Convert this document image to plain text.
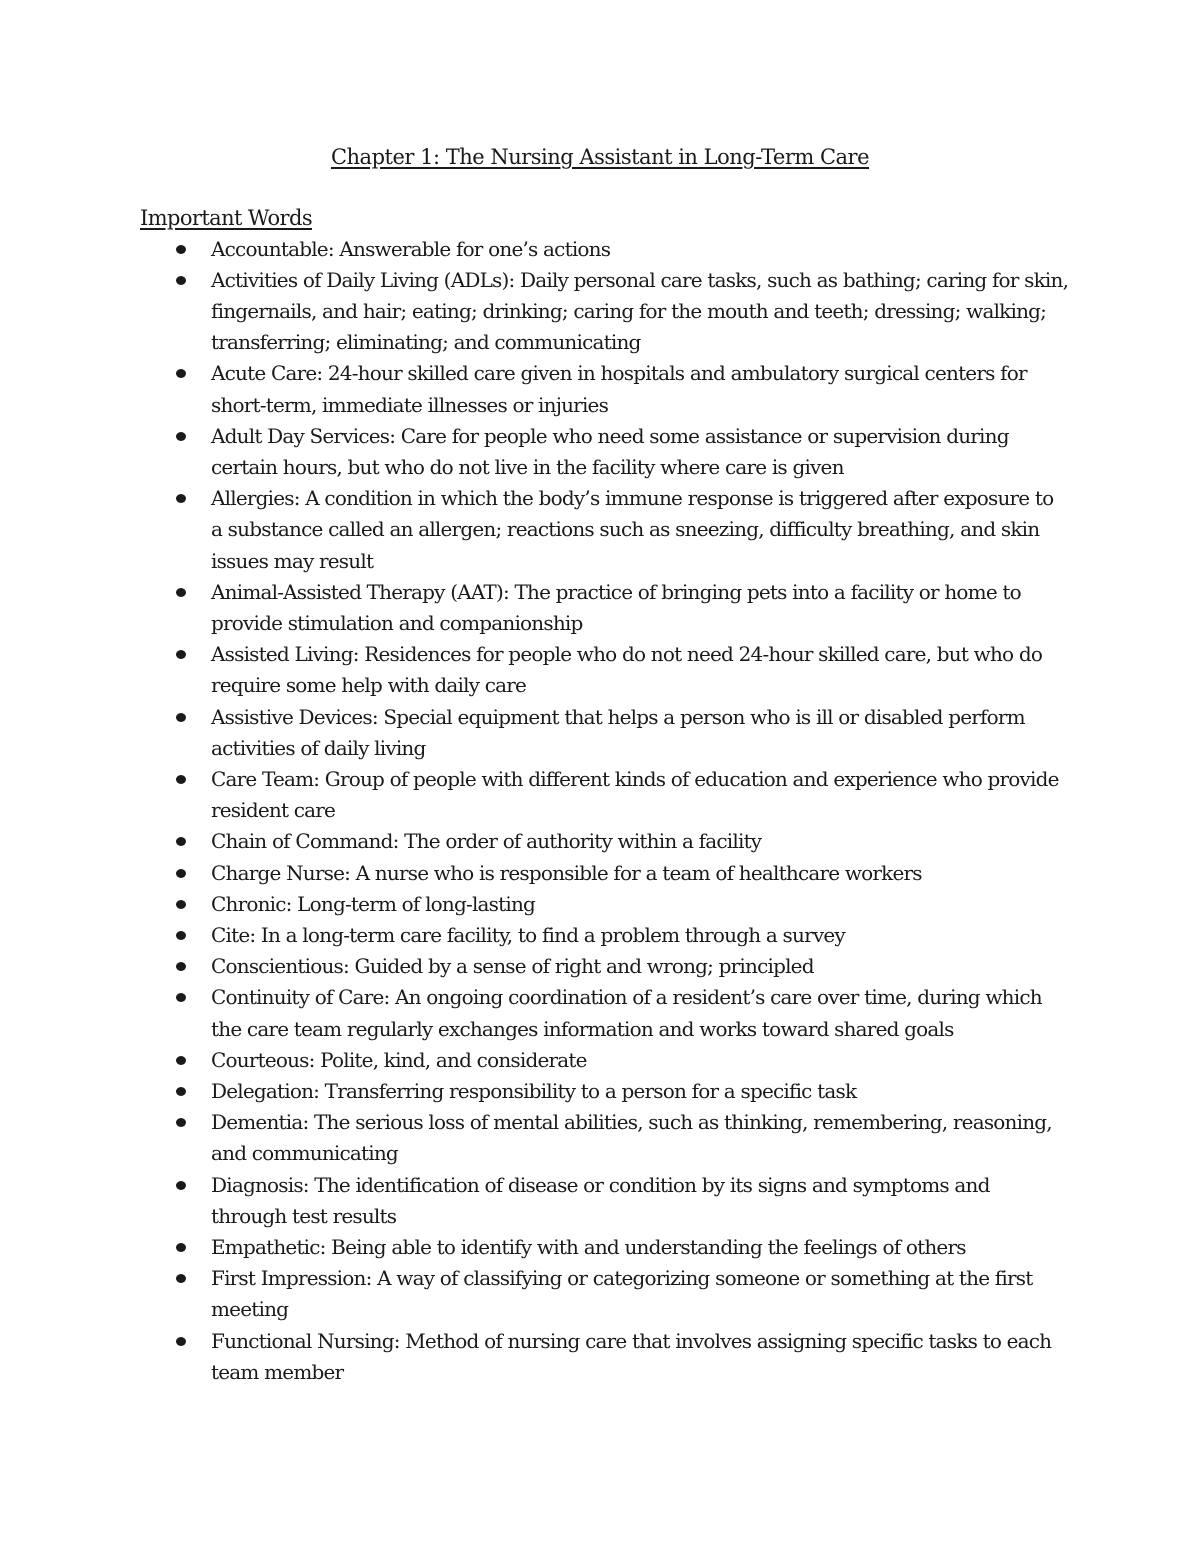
Chapter 1: The Nursing Assistant in Long-Term Care
Important Words
Accountable: Answerable for one’s actions
Activities of Daily Living (ADLs): Daily personal care tasks, such as bathing; caring for skin, fingernails, and hair; eating; drinking; caring for the mouth and teeth; dressing; walking; transferring; eliminating; and communicating
Acute Care: 24-hour skilled care given in hospitals and ambulatory surgical centers for short-term, immediate illnesses or injuries
Adult Day Services: Care for people who need some assistance or supervision during certain hours, but who do not live in the facility where care is given
Allergies: A condition in which the body’s immune response is triggered after exposure to a substance called an allergen; reactions such as sneezing, difficulty breathing, and skin issues may result
Animal-Assisted Therapy (AAT): The practice of bringing pets into a facility or home to provide stimulation and companionship
Assisted Living: Residences for people who do not need 24-hour skilled care, but who do require some help with daily care
Assistive Devices: Special equipment that helps a person who is ill or disabled perform activities of daily living
Care Team: Group of people with different kinds of education and experience who provide resident care
Chain of Command: The order of authority within a facility
Charge Nurse: A nurse who is responsible for a team of healthcare workers
Chronic: Long-term of long-lasting
Cite: In a long-term care facility, to find a problem through a survey
Conscientious: Guided by a sense of right and wrong; principled
Continuity of Care: An ongoing coordination of a resident’s care over time, during which the care team regularly exchanges information and works toward shared goals
Courteous: Polite, kind, and considerate
Delegation: Transferring responsibility to a person for a specific task
Dementia: The serious loss of mental abilities, such as thinking, remembering, reasoning, and communicating
Diagnosis: The identification of disease or condition by its signs and symptoms and through test results
Empathetic: Being able to identify with and understanding the feelings of others
First Impression: A way of classifying or categorizing someone or something at the first meeting
Functional Nursing: Method of nursing care that involves assigning specific tasks to each team member
